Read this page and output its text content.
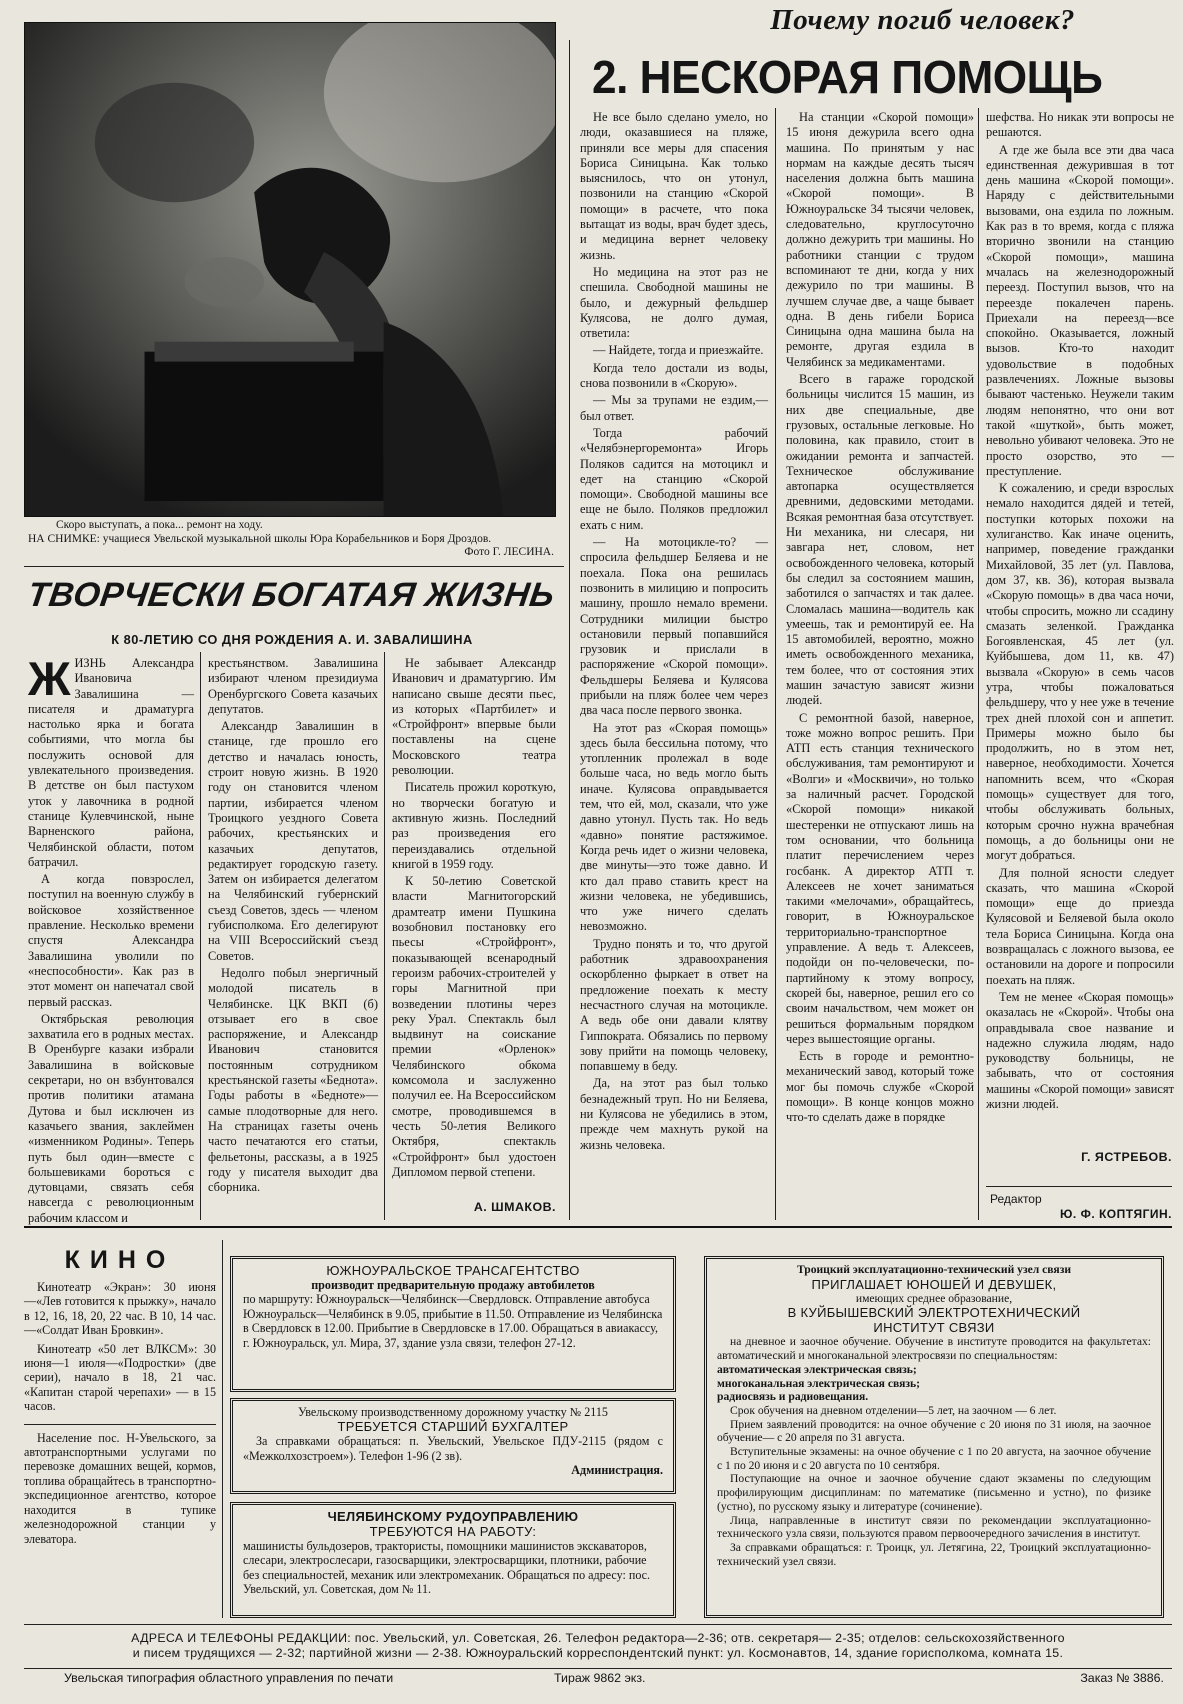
Скоро выступать, а пока... ремонт на ходу.
НА СНИМКЕ: учащиеся Увельской музыкальной школы Юра Корабельников и Боря Дроздов.
Фото Г. ЛЕСИНА.
Почему погиб человек?
2. НЕСКОРАЯ ПОМОЩЬ

Не все было сделано умело, но люди, оказавшиеся на пляже, приняли все меры для спасения Бориса Синицына. Как только выяснилось, что он утонул, позвонили на станцию «Скорой помощи» в расчете, что пока вытащат из воды, врач будет здесь, и медицина вернет человеку жизнь.

Но медицина на этот раз не спешила. Свободной машины не было, и дежурный фельдшер Кулясова, не долго думая, ответила:

— Найдете, тогда и приезжайте.

Когда тело достали из воды, снова позвонили в «Скорую».

— Мы за трупами не ездим,—был ответ.

Тогда рабочий «Челябэнергоремонта» Игорь Поляков садится на мотоцикл и едет на станцию «Скорой помощи». Свободной машины все еще не было. Поляков предложил ехать с ним.

— На мотоцикле-то? — спросила фельдшер Беляева и не поехала. Пока она решилась позвонить в милицию и попросить машину, прошло немало времени. Сотрудники милиции быстро остановили первый попавшийся грузовик и прислали в распоряжение «Скорой помощи». Фельдшеры Беляева и Кулясова прибыли на пляж более чем через два часа после первого звонка.

На этот раз «Скорая помощь» здесь была бессильна потому, что утопленник пролежал в воде больше часа, но ведь могло быть иначе. Кулясова оправдывается тем, что ей, мол, сказали, что уже давно утонул. Пусть так. Но ведь «давно» понятие растяжимое. Когда речь идет о жизни человека, две минуты—это тоже давно. И кто дал право ставить крест на жизни человека, не убедившись, что уже ничего сделать невозможно.

Трудно понять и то, что другой работник здравоохранения оскорбленно фыркает в ответ на предложение поехать к месту несчастного случая на мотоцикле. А ведь обе они давали клятву Гиппократа. Обязались по первому зову прийти на помощь человеку, попавшему в беду.

Да, на этот раз был только безнадежный труп. Но ни Беляева, ни Кулясова не убедились в этом, прежде чем махнуть рукой на жизнь человека.

На станции «Скорой помощи» 15 июня дежурила всего одна машина. По принятым у нас нормам на каждые десять тысяч населения должна быть машина «Скорой помощи». В Южноуральске 34 тысячи человек, следовательно, круглосуточно должно дежурить три машины. Но работники станции с трудом вспоминают те дни, когда у них дежурило по три машины. В лучшем случае две, а чаще бывает одна. В день гибели Бориса Синицына одна машина была на ремонте, другая ездила в Челябинск за медикаментами.

Всего в гараже городской больницы числится 15 машин, из них две специальные, две грузовых, остальные легковые. Но половина, как правило, стоит в ожидании ремонта и запчастей. Техническое обслуживание автопарка осуществляется древними, дедовскими методами. Всякая ремонтная база отсутствует. Ни механика, ни слесаря, ни завгара нет, словом, нет освобожденного человека, который бы следил за состоянием машин, заботился о запчастях и так далее. Сломалась машина—водитель как умеешь, так и ремонтируй ее. На 15 автомобилей, вероятно, можно иметь освобожденного механика, тем более, что от состояния этих машин зачастую зависят жизни людей.

С ремонтной базой, наверное, тоже можно вопрос решить. При АТП есть станция технического обслуживания, там ремонтируют и «Волги» и «Москвичи», но только за наличный расчет. Городской «Скорой помощи» никакой шестеренки не отпускают лишь на том основании, что больница платит перечислением через госбанк. А директор АТП т. Алексеев не хочет заниматься такими «мелочами», обращайтесь, говорит, в Южноуральское территориально-транспортное управление. А ведь т. Алексеев, подойди он по-человечески, по-партийному к этому вопросу, скорей бы, наверное, решил его со своим начальством, чем может он решиться формальным порядком через вышестоящие органы.

Есть в городе и ремонтно-механический завод, который тоже мог бы помочь службе «Скорой помощи». В конце концов можно что-то сделать даже в порядке

шефства. Но никак эти вопросы не решаются.

А где же была все эти два часа единственная дежурившая в тот день машина «Скорой помощи». Наряду с действительными вызовами, она ездила по ложным. Как раз в то время, когда с пляжа вторично звонили на станцию «Скорой помощи», машина мчалась на железнодорожный переезд. Поступил вызов, что на переезде покалечен парень. Приехали на переезд—все спокойно. Оказывается, ложный вызов. Кто-то находит удовольствие в подобных развлечениях. Ложные вызовы бывают частенько. Неужели таким людям непонятно, что они вот такой «шуткой», быть может, невольно убивают человека. Это не просто озорство, это — преступление.

К сожалению, и среди взрослых немало находится дядей и тетей, поступки которых похожи на хулиганство. Как иначе оценить, например, поведение гражданки Михайловой, 35 лет (ул. Павлова, дом 37, кв. 36), которая вызвала «Скорую помощь» в два часа ночи, чтобы спросить, можно ли ссадину смазать зеленкой. Гражданка Богоявленская, 45 лет (ул. Куйбышева, дом 11, кв. 47) вызвала «Скорую» в семь часов утра, чтобы пожаловаться фельдшеру, что у нее уже в течение трех дней плохой сон и аппетит. Примеры можно было бы продолжить, но в этом нет, наверное, необходимости. Хочется напомнить всем, что «Скорая помощь» существует для того, чтобы обслуживать больных, которым срочно нужна врачебная помощь, а до больницы они не могут добраться.

Для полной ясности следует сказать, что машина «Скорой помощи» еще до приезда Кулясовой и Беляевой была около тела Бориса Синицына. Когда она возвращалась с ложного вызова, ее остановили на дороге и попросили поехать на пляж.

Тем не менее «Скорая помощь» оказалась не «Скорой». Чтобы она оправдывала свое название и надежно служила людям, надо руководству больницы, не забывать, что от состояния машины «Скорой помощи» зависят жизни людей.

Г. ЯСТРЕБОВ.
Редактор
Ю. Ф. КОПТЯГИН.
ТВОРЧЕСКИ БОГАТАЯ ЖИЗНЬ
К 80-ЛЕТИЮ СО ДНЯ РОЖДЕНИЯ А. И. ЗАВАЛИШИНА
Ж ИЗНЬ Александра Ивановича Завалишина — писателя и драматурга настолько ярка и богата событиями, что могла бы послужить основой для увлекательного произведения. В детстве он был пастухом уток у лавочника в родной станице Кулевчинской, ныне Варненского района, Челябинской области, потом батрачил.

А когда повзрослел, поступил на военную службу в войсковое хозяйственное правление. Несколько времени спустя Александра Завалишина уволили по «неспособности». Как раз в этот момент он напечатал свой первый рассказ.

Октябрьская революция захватила его в родных местах. В Оренбурге казаки избрали Завалишина в войсковые секретари, но он взбунтовался против политики атамана Дутова и был исключен из казачьего звания, заклеймен «изменником Родины». Теперь путь был один—вместе с большевиками бороться с дутовцами, связать себя навсегда с революционным рабочим классом и

крестьянством. Завалишина избирают членом президиума Оренбургского Совета казачьих депутатов.

Александр Завалишин в станице, где прошло его детство и началась юность, строит новую жизнь. В 1920 году он становится членом партии, избирается членом Троицкого уездного Совета рабочих, крестьянских и казачьих депутатов, редактирует городскую газету. Затем он избирается делегатом на Челябинский губернский съезд Советов, здесь — членом губисполкома. Его делегируют на VIII Всероссийский съезд Советов.

Недолго побыл энергичный молодой писатель в Челябинске. ЦК ВКП (б) отзывает его в свое распоряжение, и Александр Иванович становится постоянным сотрудником крестьянской газеты «Беднота». Годы работы в «Бедноте»—самые плодотворные для него. На страницах газеты очень часто печатаются его статьи, фельетоны, рассказы, а в 1925 году у писателя выходит два сборника.

Не забывает Александр Иванович и драматургию. Им написано свыше десяти пьес, из которых «Партбилет» и «Стройфронт» впервые были поставлены на сцене Московского театра революции.

Писатель прожил короткую, но творчески богатую и активную жизнь. Последний раз произведения его переиздавались отдельной книгой в 1959 году.

К 50-летию Советской власти Магнитогорский драмтеатр имени Пушкина возобновил постановку его пьесы «Стройфронт», показывающей всенародный героизм рабочих-строителей у горы Магнитной при возведении плотины через реку Урал. Спектакль был выдвинут на соискание премии «Орленок» Челябинского обкома комсомола и заслуженно получил ее. На Всероссийском смотре, проводившемся в честь 50-летия Великого Октября, спектакль «Стройфронт» был удостоен Дипломом первой степени.

А. ШМАКОВ.
КИНО

Кинотеатр «Экран»: 30 июня—«Лев готовится к прыжку», начало в 12, 16, 18, 20, 22 час. В 10, 14 час.—«Солдат Иван Бровкин».

Кинотеатр «50 лет ВЛКСМ»: 30 июня—1 июля—«Подростки» (две серии), начало в 18, 21 час. «Капитан старой черепахи» — в 15 часов.

Население пос. Н-Увельского, за автотранспортными услугами по перевозке домашних вещей, кормов, топлива обращайтесь в транспортно-экспедиционное агентство, которое находится в тупике железнодорожной станции у элеватора.

ЮЖНОУРАЛЬСКОЕ ТРАНСАГЕНТСТВО
производит предварительную продажу автобилетов
по маршруту: Южноуральск—Челябинск—Свердловск. Отправление автобуса Южноуральск—Челябинск в 9.05, прибытие в 11.50. Отправление из Челябинска в Свердловск в 12.00. Прибытие в Свердловске в 17.00. Обращаться в авиакассу, г. Южноуральск, ул. Мира, 37, здание узла связи, телефон 27-12.
Увельскому производственному дорожному участку № 2115
ТРЕБУЕТСЯ СТАРШИЙ БУХГАЛТЕР

За справками обращаться: п. Увельский, Увельское ПДУ-2115 (рядом с «Межколхозстроем»). Телефон 1-96 (2 зв).

Администрация.
ЧЕЛЯБИНСКОМУ РУДОУПРАВЛЕНИЮ
ТРЕБУЮТСЯ НА РАБОТУ:
машинисты бульдозеров, трактористы, помощники машинистов экскаваторов, слесари, электрослесари, газосварщики, электросварщики, плотники, рабочие без специальностей, механик или электромеханик. Обращаться по адресу: пос. Увельский, ул. Советская, дом № 11.
Троицкий эксплуатационно-технический узел связи
ПРИГЛАШАЕТ ЮНОШЕЙ И ДЕВУШЕК,
имеющих среднее образование,
В КУЙБЫШЕВСКИЙ ЭЛЕКТРОТЕХНИЧЕСКИЙ
ИНСТИТУТ СВЯЗИ

на дневное и заочное обучение. Обучение в институте проводится на факультетах: автоматический и многоканальной электросвязи по специальностям:

автоматическая электрическая связь;
многоканальная электрическая связь;
радиосвязь и радиовещания.

Срок обучения на дневном отделении—5 лет, на заочном — 6 лет.

Прием заявлений проводится: на очное обучение с 20 июня по 31 июля, на заочное обучение— с 20 апреля по 31 августа.

Вступительные экзамены: на очное обучение с 1 по 20 августа, на заочное обучение с 1 по 20 июня и с 20 августа по 10 сентября.

Поступающие на очное и заочное обучение сдают экзамены по следующим профилирующим дисциплинам: по математике (письменно и устно), по физике (устно), по русскому языку и литературе (сочинение).

Лица, направленные в институт связи по рекомендации эксплуатационно-технического узла связи, пользуются правом первоочередного зачисления в институт.

За справками обращаться: г. Троицк, ул. Летягина, 22, Троицкий эксплуатационно-технический узел связи.

АДРЕСА И ТЕЛЕФОНЫ РЕДАКЦИИ: пос. Увельский, ул. Советская, 26. Телефон редактора—2-36; отв. секретаря— 2-35; отделов: сельскохозяйственного
и писем трудящихся — 2-32; партийной жизни — 2-38. Южноуральский корреспондентский пункт: ул. Космонавтов, 14, здание горисполкома, комната 15.
Увельская типография областного управления по печати	Тираж 9862 экз.	Заказ № 3886.
